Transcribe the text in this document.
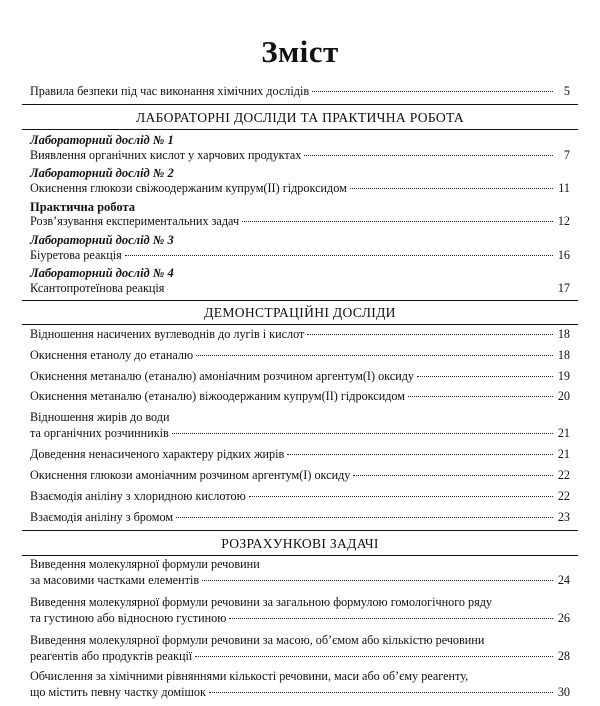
Зміст
Правила безпеки під час виконання хімічних дослідів	5
ЛАБОРАТОРНІ ДОСЛІДИ ТА ПРАКТИЧНА РОБОТА
Лабораторний дослід № 1
Виявлення органічних кислот у харчових продуктах	7
Лабораторний дослід № 2
Окиснення глюкози свіжоодержаним купрум(ІІ) гідроксидом	11
Практична робота
Розв’язування експериментальних задач	12
Лабораторний дослід № 3
Біуретова реакція	16
Лабораторний дослід № 4
Ксантопротеїнова реакція	17
ДЕМОНСТРАЦІЙНІ ДОСЛІДИ
Відношення насичених вуглеводнів до лугів і кислот	18
Окиснення етанолу до етаналю	18
Окиснення метаналю (етаналю) амоніачним розчином аргентум(І) оксиду	19
Окиснення метаналю (етаналю) віжоодержаним купрум(ІІ) гідроксидом	20
Відношення жирів до води
та органічних розчинників	21
Доведення ненасиченого характеру рідких жирів	21
Окиснення глюкози амоніачним розчином аргентум(І) оксиду	22
Взаємодія аніліну з хлоридною кислотою	22
Взаємодія аніліну з бромом	23
РОЗРАХУНКОВІ ЗАДАЧІ
Виведення молекулярної формули речовини
за масовими частками елементів	24
Виведення молекулярної формули речовини за загальною формулою гомологічного ряду
та густиною або відносною густиною	26
Виведення молекулярної формули речовини за масою, об’ємом або кількістю речовини
реагентів або продуктів реакції	28
Обчислення за хімічними рівняннями кількості речовини, маси або об’єму реагенту,
що містить певну частку домішок	30
